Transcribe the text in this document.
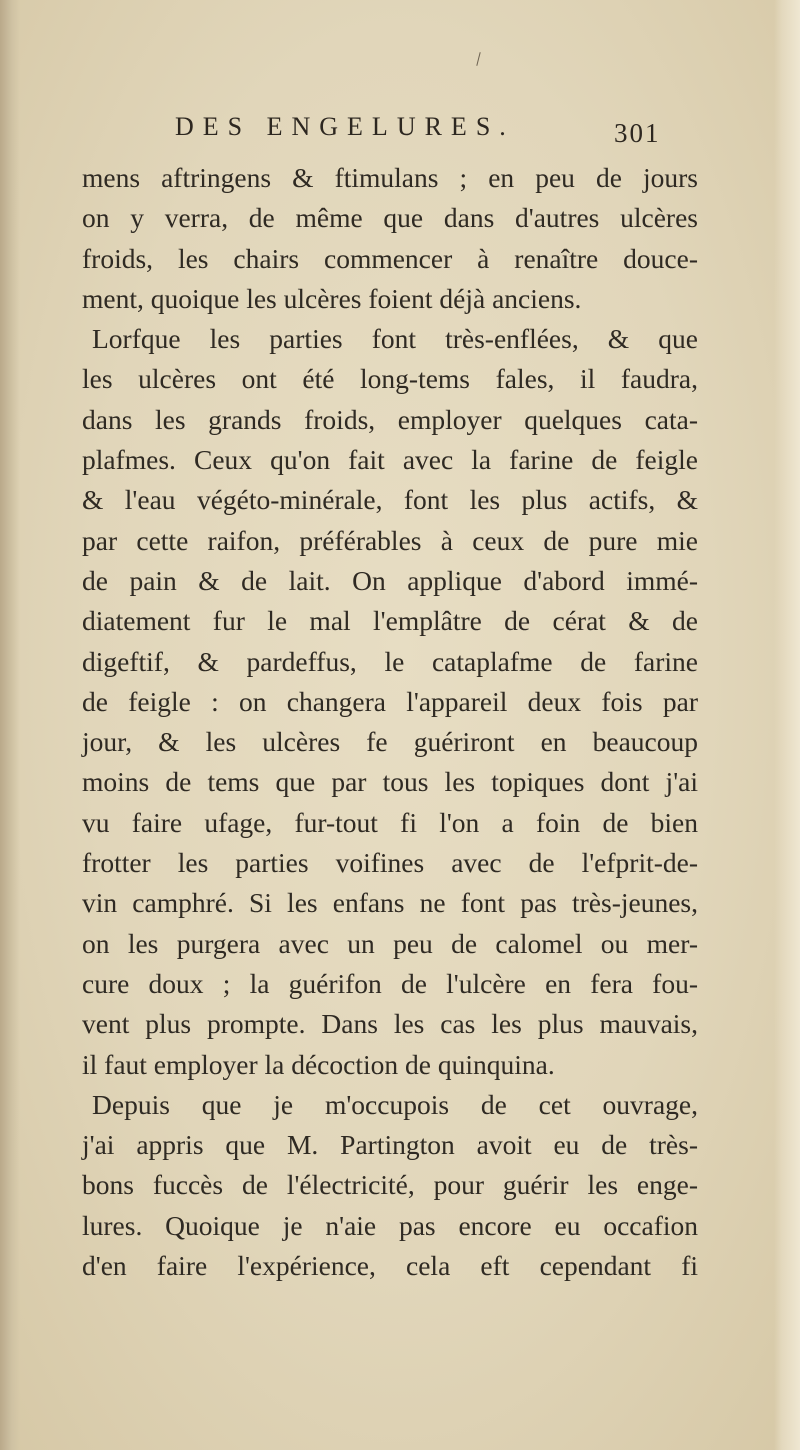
DES ENGELURES.	301
mens aftringens & ftimulans ; en peu de jours
on y verra, de même que dans d'autres ulcères
froids, les chairs commencer à renaître douce-
ment, quoique les ulcères foient déjà anciens.
Lorfque les parties font très-enflées, & que
les ulcères ont été long-tems fales, il faudra,
dans les grands froids, employer quelques cata-
plafmes. Ceux qu'on fait avec la farine de feigle
& l'eau végéto-minérale, font les plus actifs, &
par cette raifon, préférables à ceux de pure mie
de pain & de lait. On applique d'abord immé-
diatement fur le mal l'emplâtre de cérat & de
digeftif, & pardeffus, le cataplafme de farine
de feigle : on changera l'appareil deux fois par
jour, & les ulcères fe guériront en beaucoup
moins de tems que par tous les topiques dont j'ai
vu faire ufage, fur-tout fi l'on a foin de bien
frotter les parties voifines avec de l'efprit-de-
vin camphré. Si les enfans ne font pas très-jeunes,
on les purgera avec un peu de calomel ou mer-
cure doux ; la guérifon de l'ulcère en fera fou-
vent plus prompte. Dans les cas les plus mauvais,
il faut employer la décoction de quinquina.
Depuis que je m'occupois de cet ouvrage,
j'ai appris que M. Partington avoit eu de très-
bons fuccès de l'électricité, pour guérir les enge-
lures. Quoique je n'aie pas encore eu occafion
d'en faire l'expérience, cela eft cependant fi
